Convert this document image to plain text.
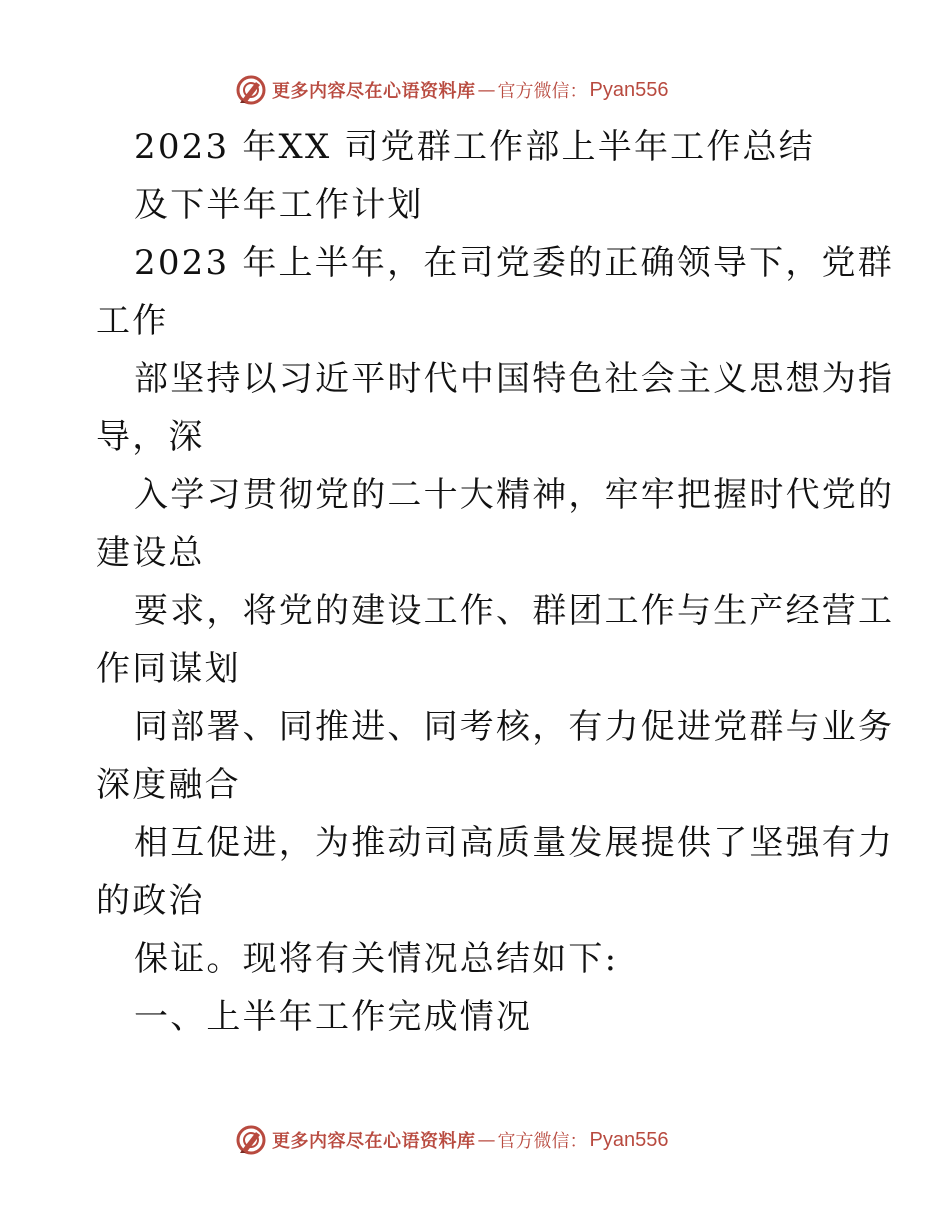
更多内容尽在心语资料库 — 官方微信： Pyan556
2023 年XX 司党群工作部上半年工作总结
及下半年工作计划
2023 年上半年，在司党委的正确领导下，党群
工作
部坚持以习近平时代中国特色社会主义思想为指
导，深
入学习贯彻党的二十大精神，牢牢把握时代党的
建设总
要求，将党的建设工作、群团工作与生产经营工
作同谋划
同部署、同推进、同考核，有力促进党群与业务
深度融合
相互促进，为推动司高质量发展提供了坚强有力
的政治
保证。现将有关情况总结如下:
一、上半年工作完成情况
更多内容尽在心语资料库 — 官方微信： Pyan556
